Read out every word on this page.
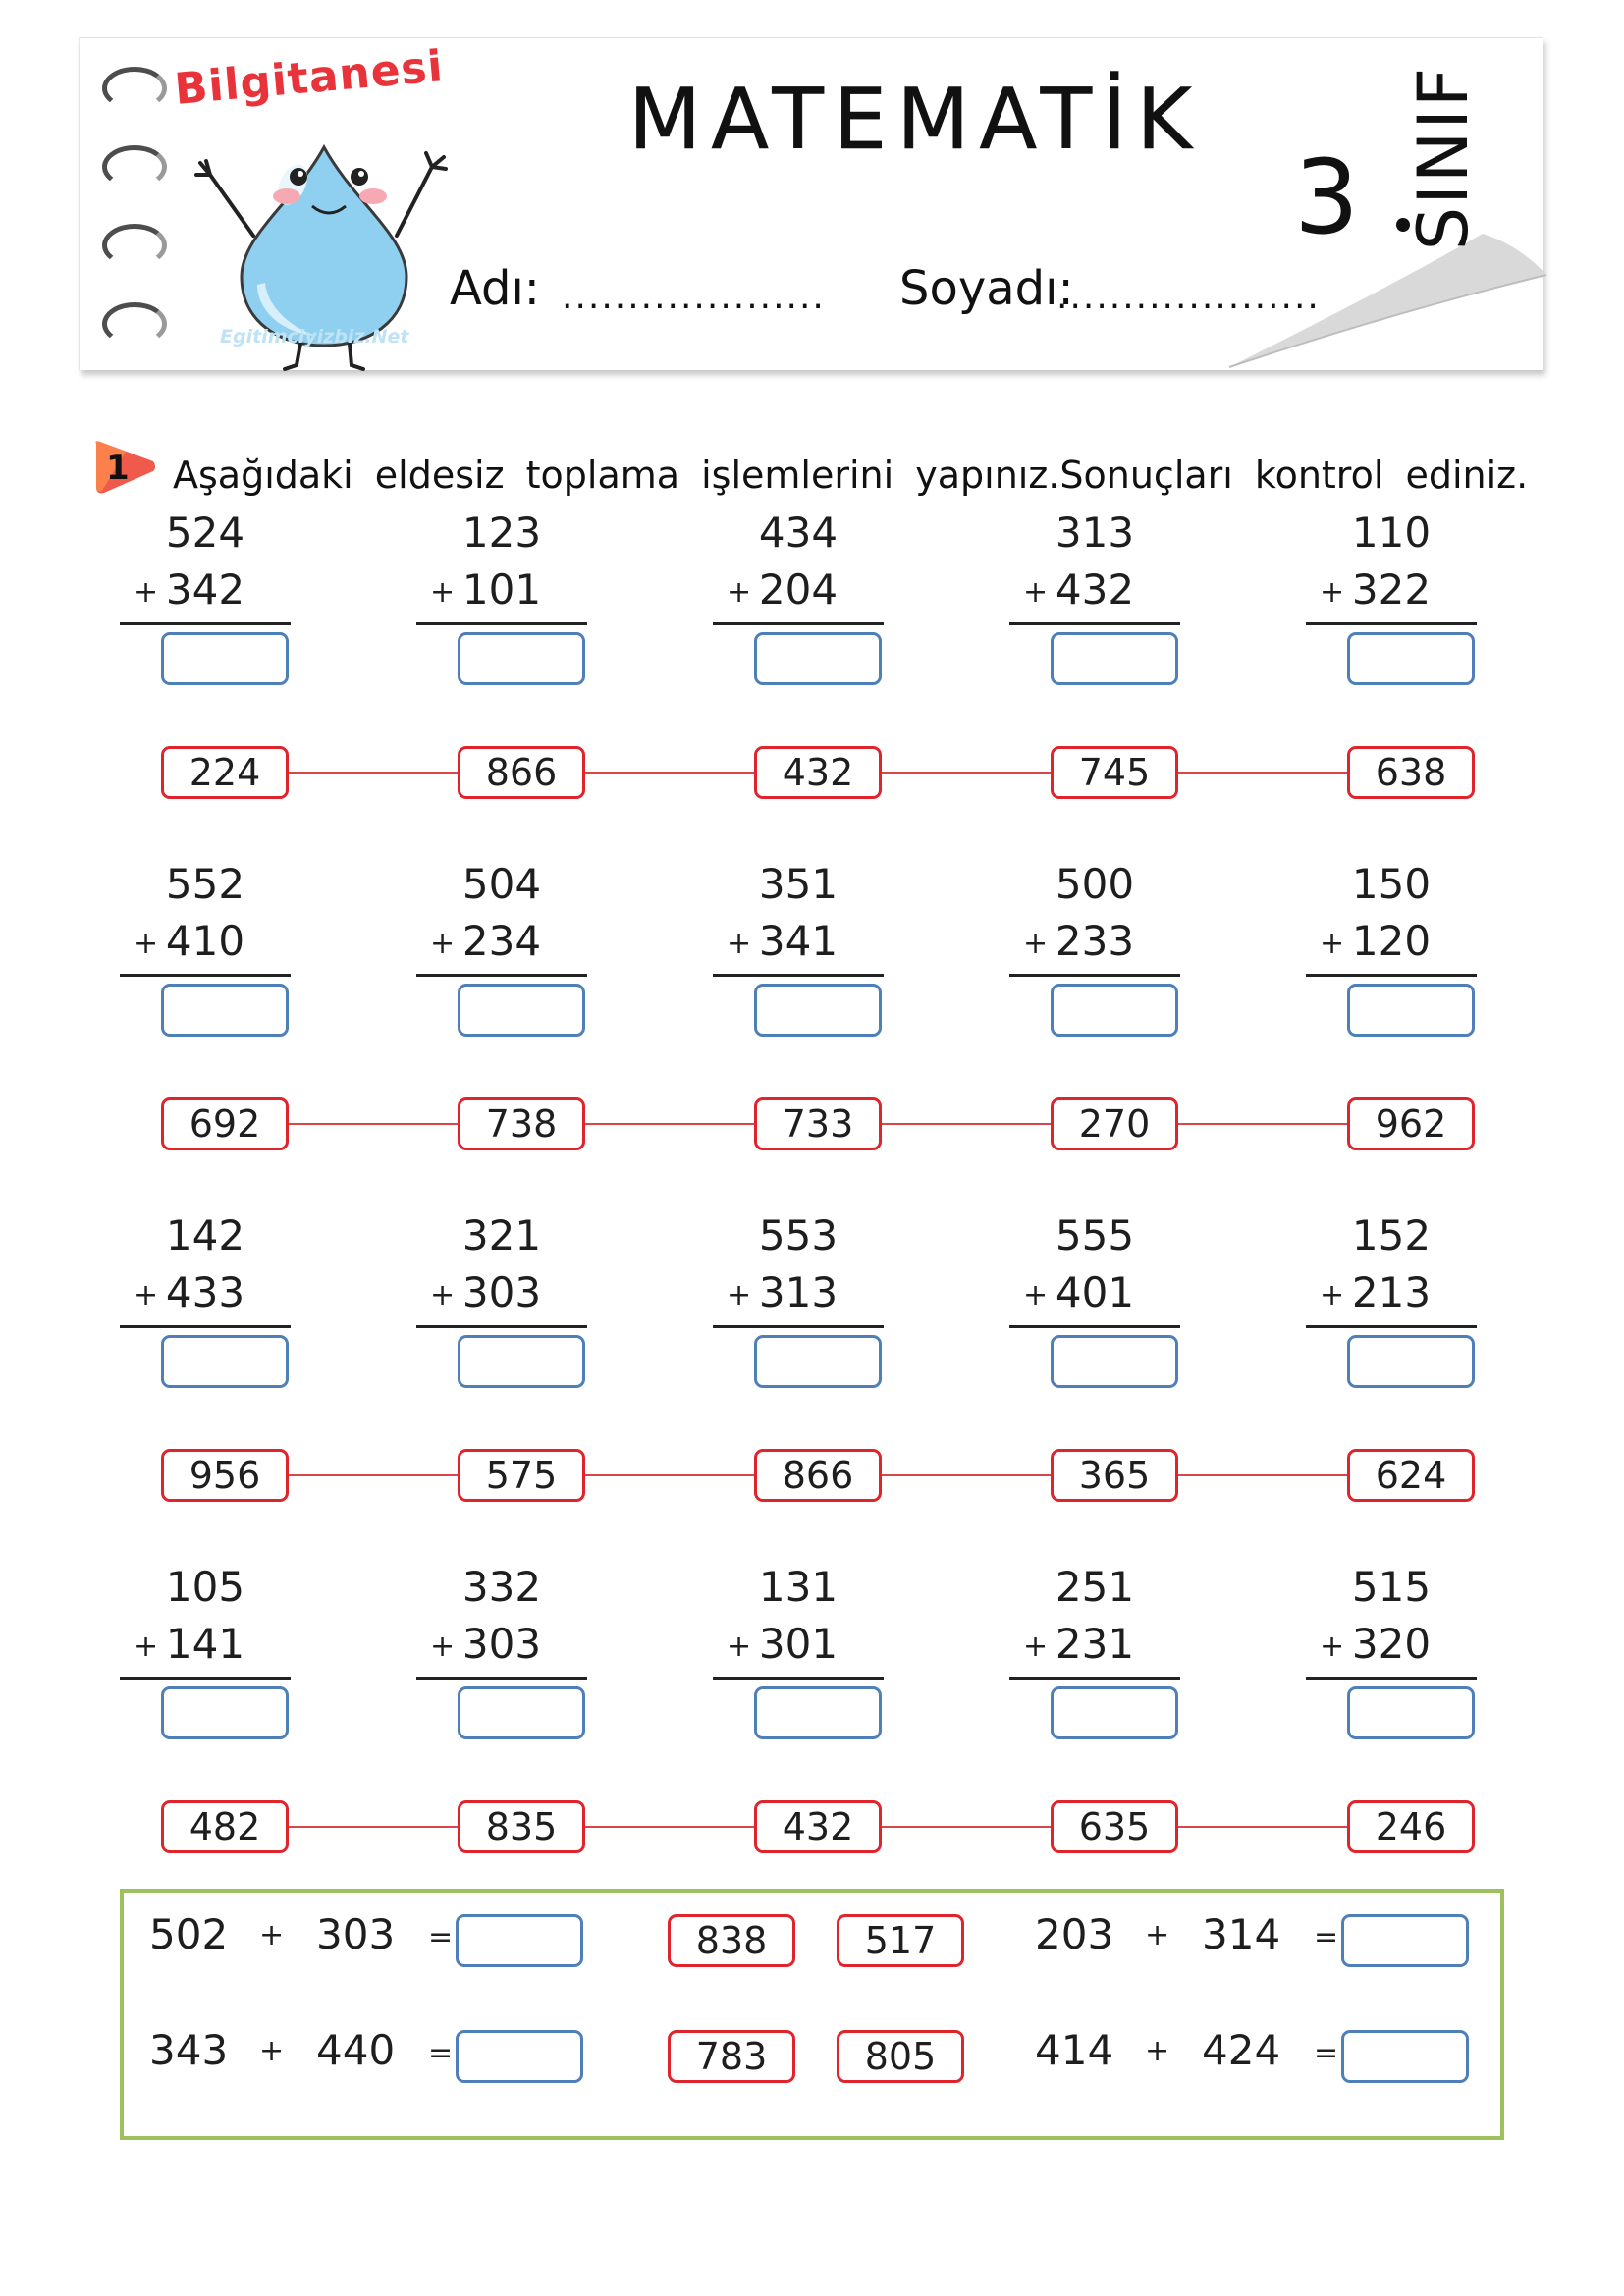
Bilgitanesi
Egitimciyizbiz.Net
MATEMATİK
3 SINIF
Adı: .................... Soyadı:
....................
1 Aşağıdaki eldesiz toplama işlemlerini yapınız.Sonuçları kontrol ediniz.
524
+ 342
123
+ 101
434
+ 204
313
+ 432
110
+ 322
224	866	432	745	638
552
+ 410
504
+ 234
351
+ 341
500
+ 233
150
+ 120
692	738	733	270	962
142
+ 433
321
+ 303
553
+ 313
555
+ 401
152
+ 213
956	575	866	365	624
105
+ 141
332
+ 303
131
+ 301
251
+ 231
515
+ 320
482	835	432	635	246
502 + 303 =	203 + 314 =
343 + 440 =	414 + 424 =
838	517
783	805
